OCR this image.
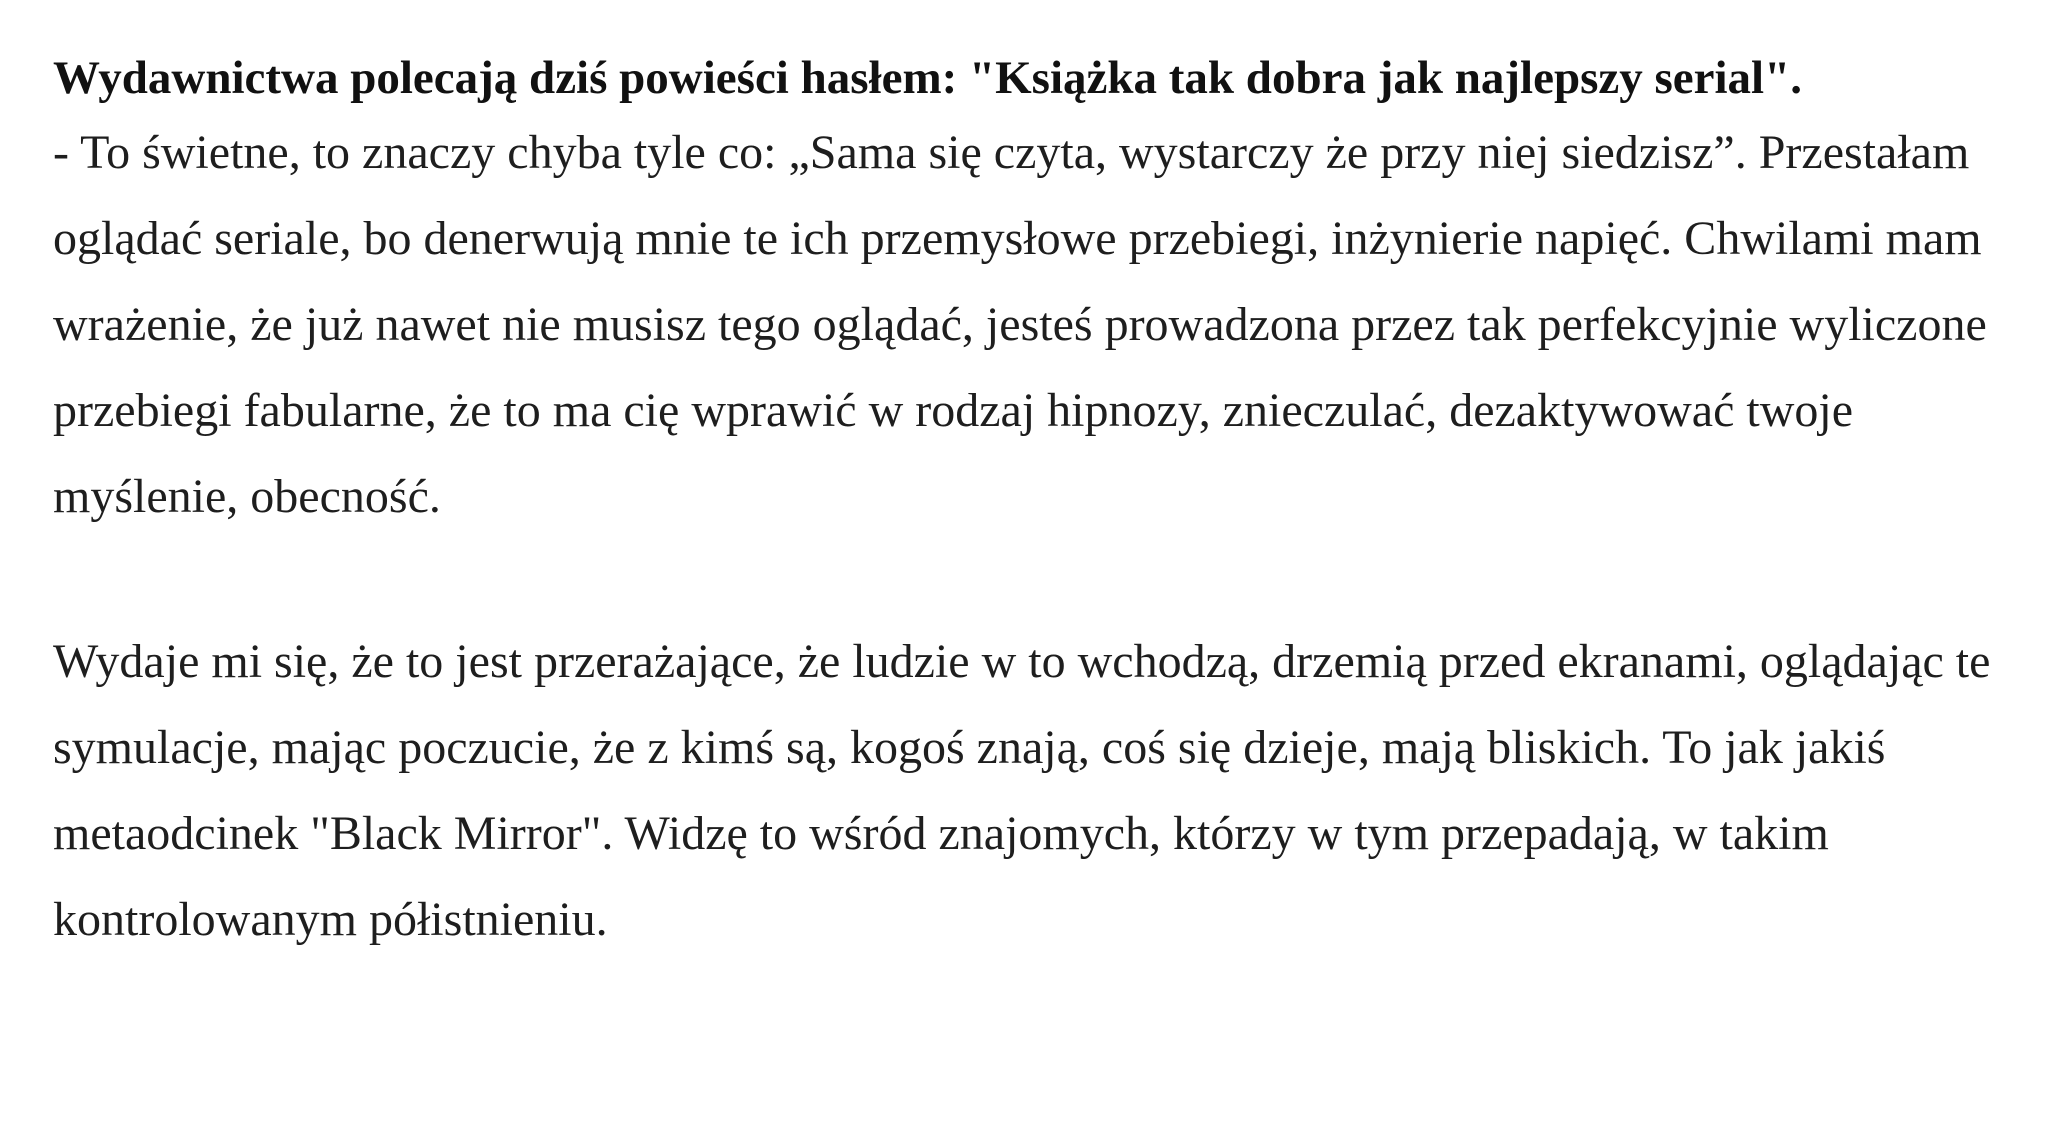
Wydawnictwa polecają dziś powieści hasłem: "Książka tak dobra jak najlepszy serial".

- To świetne, to znaczy chyba tyle co: „Sama się czyta, wystarczy że przy niej siedzisz”. Przestałam oglądać seriale, bo denerwują mnie te ich przemysłowe przebiegi, inżynierie napięć. Chwilami mam wrażenie, że już nawet nie musisz tego oglądać, jesteś prowadzona przez tak perfekcyjnie wyliczone przebiegi fabularne, że to ma cię wprawić w rodzaj hipnozy, znieczulać, dezaktywować twoje myślenie, obecność.

Wydaje mi się, że to jest przerażające, że ludzie w to wchodzą, drzemią przed ekranami, oglądając te symulacje, mając poczucie, że z kimś są, kogoś znają, coś się dzieje, mają bliskich. To jak jakiś metaodcinek "Black Mirror". Widzę to wśród znajomych, którzy w tym przepadają, w takim kontrolowanym półistnieniu.
